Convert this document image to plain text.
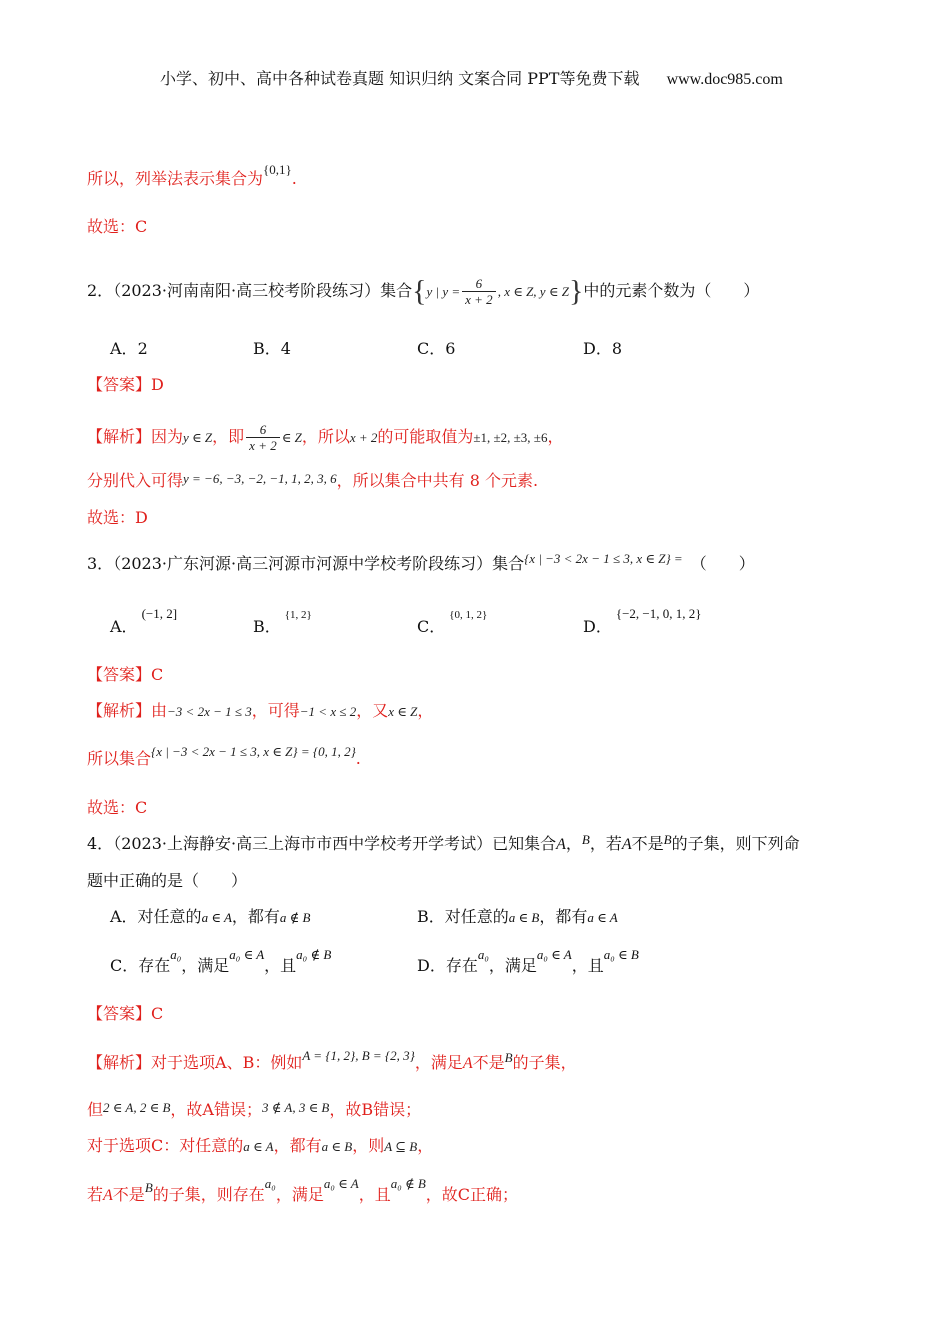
小学、初中、高中各种试卷真题 知识归纳 文案合同 PPT等免费下载 www.doc985.com
所以，列举法表示集合为{0,1}.
故选：C
2．（2023·河南南阳·高三校考阶段练习）集合{y | $y = \frac{6}{x + 2}$ , x ∈ Z, y ∈ Z}中的元素个数为（　　）
A．2	B．4	C．6	D．8
【答案】D
【解析】因为y ∈ Z，即 $\frac{6}{x + 2}$ ∈ Z，所以x + 2的可能取值为±1, ±2, ±3, ±6，
分别代入可得y = −6, −3, −2, −1, 1, 2, 3, 6，所以集合中共有 8 个元素.
故选：D
3．（2023·广东河源·高三河源市河源中学校考阶段练习）集合{x | −3 < 2x − 1 ≤ 3, x ∈ Z} = （　　）
A．(−1, 2]
B．{1, 2}
C．{0, 1, 2}
D．{−2, −1, 0, 1, 2}
【答案】C
【解析】由−3 < 2x − 1 ≤ 3，可得−1 < x ≤ 2，又x ∈ Z，
所以集合{x | −3 < 2x − 1 ≤ 3, x ∈ Z} = {0, 1, 2}.
故选：C
4．（2023·上海静安·高三上海市市西中学校考开学考试）已知集合A，B，若A不是B的子集，则下列命
题中正确的是（　　）
A．对任意的a ∈ A，都有a ∉ B	B．对任意的a ∈ B，都有a ∈ A
C．存在a₀，满足a₀ ∈ A，且a₀ ∉ B
D．存在a₀，满足a₀ ∈ A，且a₀ ∈ B
【答案】C
【解析】对于选项A、B：例如A = {1, 2}, B = {2, 3}，满足A不是B的子集，
但2 ∈ A, 2 ∈ B，故A错误；3 ∉ A, 3 ∈ B，故B错误；
对于选项C：对任意的a ∈ A，都有a ∈ B，则A ⊆ B，
若A不是B的子集，则存在a₀，满足a₀ ∈ A，且a₀ ∉ B，故C正确；
